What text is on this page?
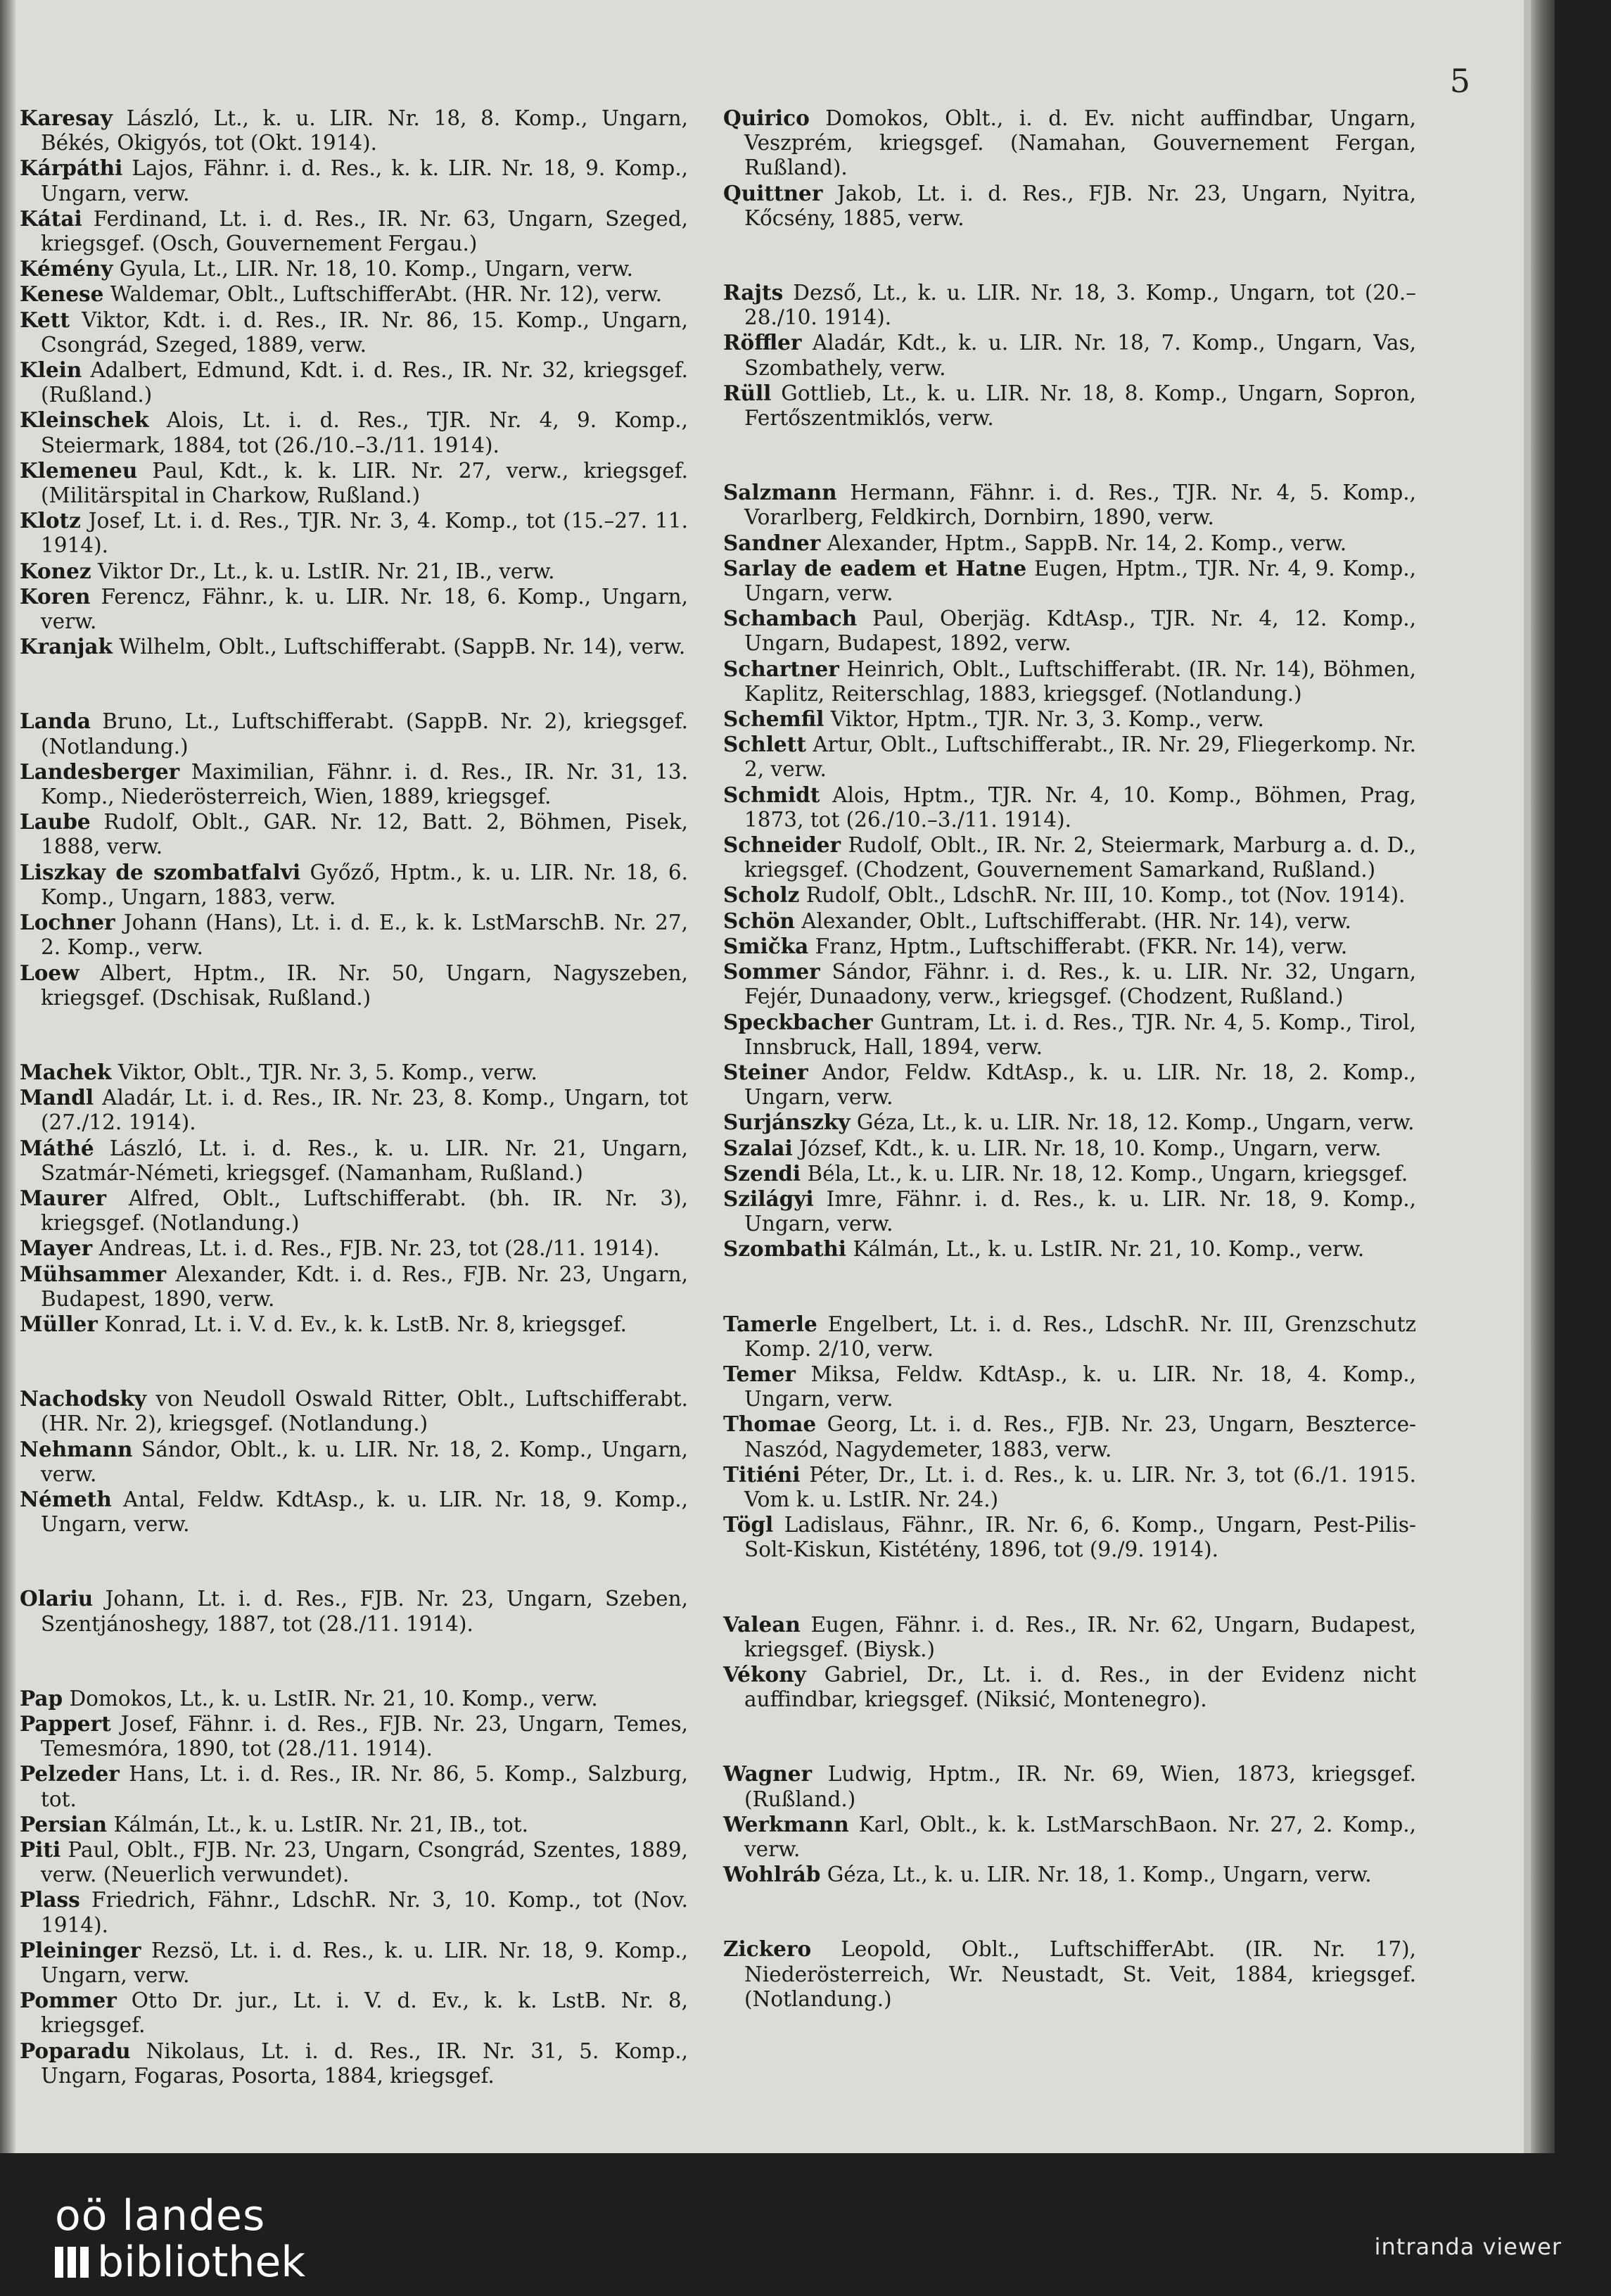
5

Karesay László, Lt., k. u. LIR. Nr. 18, 8. Komp., Ungarn, Békés, Okigyós, tot (Okt. 1914).

Kárpáthi Lajos, Fähnr. i. d. Res., k. k. LIR. Nr. 18, 9. Komp., Ungarn, verw.

Kátai Ferdinand, Lt. i. d. Res., IR. Nr. 63, Ungarn, Szeged, kriegsgef. (Osch, Gouvernement Fergau.)

Kémény Gyula, Lt., LIR. Nr. 18, 10. Komp., Ungarn, verw.

Kenese Waldemar, Oblt., LuftschifferAbt. (HR. Nr. 12), verw.

Kett Viktor, Kdt. i. d. Res., IR. Nr. 86, 15. Komp., Ungarn, Csongrád, Szeged, 1889, verw.

Klein Adalbert, Edmund, Kdt. i. d. Res., IR. Nr. 32, kriegsgef. (Rußland.)

Kleinschek Alois, Lt. i. d. Res., TJR. Nr. 4, 9. Komp., Steiermark, 1884, tot (26./10.–3./11. 1914).

Klemeneu Paul, Kdt., k. k. LIR. Nr. 27, verw., kriegsgef. (Militärspital in Charkow, Rußland.)

Klotz Josef, Lt. i. d. Res., TJR. Nr. 3, 4. Komp., tot (15.–27. 11. 1914).

Konez Viktor Dr., Lt., k. u. LstIR. Nr. 21, IB., verw.

Koren Ferencz, Fähnr., k. u. LIR. Nr. 18, 6. Komp., Ungarn, verw.

Kranjak Wilhelm, Oblt., Luftschifferabt. (SappB. Nr. 14), verw.

Landa Bruno, Lt., Luftschifferabt. (SappB. Nr. 2), kriegsgef. (Notlandung.)

Landesberger Maximilian, Fähnr. i. d. Res., IR. Nr. 31, 13. Komp., Niederösterreich, Wien, 1889, kriegsgef.

Laube Rudolf, Oblt., GAR. Nr. 12, Batt. 2, Böhmen, Pisek, 1888, verw.

Liszkay de szombatfalvi Győző, Hptm., k. u. LIR. Nr. 18, 6. Komp., Ungarn, 1883, verw.

Lochner Johann (Hans), Lt. i. d. E., k. k. LstMarschB. Nr. 27, 2. Komp., verw.

Loew Albert, Hptm., IR. Nr. 50, Ungarn, Nagyszeben, kriegsgef. (Dschisak, Rußland.)

Machek Viktor, Oblt., TJR. Nr. 3, 5. Komp., verw.

Mandl Aladár, Lt. i. d. Res., IR. Nr. 23, 8. Komp., Ungarn, tot (27./12. 1914).

Máthé László, Lt. i. d. Res., k. u. LIR. Nr. 21, Ungarn, Szatmár-Németi, kriegsgef. (Namanham, Rußland.)

Maurer Alfred, Oblt., Luftschifferabt. (bh. IR. Nr. 3), kriegsgef. (Notlandung.)

Mayer Andreas, Lt. i. d. Res., FJB. Nr. 23, tot (28./11. 1914).

Mühsammer Alexander, Kdt. i. d. Res., FJB. Nr. 23, Ungarn, Budapest, 1890, verw.

Müller Konrad, Lt. i. V. d. Ev., k. k. LstB. Nr. 8, kriegsgef.

Nachodsky von Neudoll Oswald Ritter, Oblt., Luftschifferabt. (HR. Nr. 2), kriegsgef. (Notlandung.)

Nehmann Sándor, Oblt., k. u. LIR. Nr. 18, 2. Komp., Ungarn, verw.

Németh Antal, Feldw. KdtAsp., k. u. LIR. Nr. 18, 9. Komp., Ungarn, verw.

Olariu Johann, Lt. i. d. Res., FJB. Nr. 23, Ungarn, Szeben, Szentjánoshegy, 1887, tot (28./11. 1914).

Pap Domokos, Lt., k. u. LstIR. Nr. 21, 10. Komp., verw.

Pappert Josef, Fähnr. i. d. Res., FJB. Nr. 23, Ungarn, Temes, Temesmóra, 1890, tot (28./11. 1914).

Pelzeder Hans, Lt. i. d. Res., IR. Nr. 86, 5. Komp., Salzburg, tot.

Persian Kálmán, Lt., k. u. LstIR. Nr. 21, IB., tot.

Piti Paul, Oblt., FJB. Nr. 23, Ungarn, Csongrád, Szentes, 1889, verw. (Neuerlich verwundet).

Plass Friedrich, Fähnr., LdschR. Nr. 3, 10. Komp., tot (Nov. 1914).

Pleininger Rezsö, Lt. i. d. Res., k. u. LIR. Nr. 18, 9. Komp., Ungarn, verw.

Pommer Otto Dr. jur., Lt. i. V. d. Ev., k. k. LstB. Nr. 8, kriegsgef.

Poparadu Nikolaus, Lt. i. d. Res., IR. Nr. 31, 5. Komp., Ungarn, Fogaras, Posorta, 1884, kriegsgef.

Quirico Domokos, Oblt., i. d. Ev. nicht auffindbar, Ungarn, Veszprém, kriegsgef. (Namahan, Gouvernement Fergan, Rußland).

Quittner Jakob, Lt. i. d. Res., FJB. Nr. 23, Ungarn, Nyitra, Kőcsény, 1885, verw.

Rajts Dezső, Lt., k. u. LIR. Nr. 18, 3. Komp., Ungarn, tot (20.–28./10. 1914).

Röffler Aladár, Kdt., k. u. LIR. Nr. 18, 7. Komp., Ungarn, Vas, Szombathely, verw.

Rüll Gottlieb, Lt., k. u. LIR. Nr. 18, 8. Komp., Ungarn, Sopron, Fertőszentmiklós, verw.

Salzmann Hermann, Fähnr. i. d. Res., TJR. Nr. 4, 5. Komp., Vorarlberg, Feldkirch, Dornbirn, 1890, verw.

Sandner Alexander, Hptm., SappB. Nr. 14, 2. Komp., verw.

Sarlay de eadem et Hatne Eugen, Hptm., TJR. Nr. 4, 9. Komp., Ungarn, verw.

Schambach Paul, Oberjäg. KdtAsp., TJR. Nr. 4, 12. Komp., Ungarn, Budapest, 1892, verw.

Schartner Heinrich, Oblt., Luftschifferabt. (IR. Nr. 14), Böhmen, Kaplitz, Reiterschlag, 1883, kriegsgef. (Notlandung.)

Schemfil Viktor, Hptm., TJR. Nr. 3, 3. Komp., verw.

Schlett Artur, Oblt., Luftschifferabt., IR. Nr. 29, Fliegerkomp. Nr. 2, verw.

Schmidt Alois, Hptm., TJR. Nr. 4, 10. Komp., Böhmen, Prag, 1873, tot (26./10.–3./11. 1914).

Schneider Rudolf, Oblt., IR. Nr. 2, Steiermark, Marburg a. d. D., kriegsgef. (Chodzent, Gouvernement Samarkand, Rußland.)

Scholz Rudolf, Oblt., LdschR. Nr. III, 10. Komp., tot (Nov. 1914).

Schön Alexander, Oblt., Luftschifferabt. (HR. Nr. 14), verw.

Smička Franz, Hptm., Luftschifferabt. (FKR. Nr. 14), verw.

Sommer Sándor, Fähnr. i. d. Res., k. u. LIR. Nr. 32, Ungarn, Fejér, Dunaadony, verw., kriegsgef. (Chodzent, Rußland.)

Speckbacher Guntram, Lt. i. d. Res., TJR. Nr. 4, 5. Komp., Tirol, Innsbruck, Hall, 1894, verw.

Steiner Andor, Feldw. KdtAsp., k. u. LIR. Nr. 18, 2. Komp., Ungarn, verw.

Surjánszky Géza, Lt., k. u. LIR. Nr. 18, 12. Komp., Ungarn, verw.

Szalai József, Kdt., k. u. LIR. Nr. 18, 10. Komp., Ungarn, verw.

Szendi Béla, Lt., k. u. LIR. Nr. 18, 12. Komp., Ungarn, kriegsgef.

Szilágyi Imre, Fähnr. i. d. Res., k. u. LIR. Nr. 18, 9. Komp., Ungarn, verw.

Szombathi Kálmán, Lt., k. u. LstIR. Nr. 21, 10. Komp., verw.

Tamerle Engelbert, Lt. i. d. Res., LdschR. Nr. III, Grenzschutz Komp. 2/10, verw.

Temer Miksa, Feldw. KdtAsp., k. u. LIR. Nr. 18, 4. Komp., Ungarn, verw.

Thomae Georg, Lt. i. d. Res., FJB. Nr. 23, Ungarn, Beszterce-Naszód, Nagydemeter, 1883, verw.

Titiéni Péter, Dr., Lt. i. d. Res., k. u. LIR. Nr. 3, tot (6./1. 1915. Vom k. u. LstIR. Nr. 24.)

Tögl Ladislaus, Fähnr., IR. Nr. 6, 6. Komp., Ungarn, Pest-Pilis-Solt-Kiskun, Kistétény, 1896, tot (9./9. 1914).

Valean Eugen, Fähnr. i. d. Res., IR. Nr. 62, Ungarn, Budapest, kriegsgef. (Biysk.)

Vékony Gabriel, Dr., Lt. i. d. Res., in der Evidenz nicht auffindbar, kriegsgef. (Niksić, Montenegro).

Wagner Ludwig, Hptm., IR. Nr. 69, Wien, 1873, kriegsgef. (Rußland.)

Werkmann Karl, Oblt., k. k. LstMarschBaon. Nr. 27, 2. Komp., verw.

Wohlráb Géza, Lt., k. u. LIR. Nr. 18, 1. Komp., Ungarn, verw.

Zickero Leopold, Oblt., LuftschifferAbt. (IR. Nr. 17), Niederösterreich, Wr. Neustadt, St. Veit, 1884, kriegsgef. (Notlandung.)

oö landes
bibliothek	intranda viewer
